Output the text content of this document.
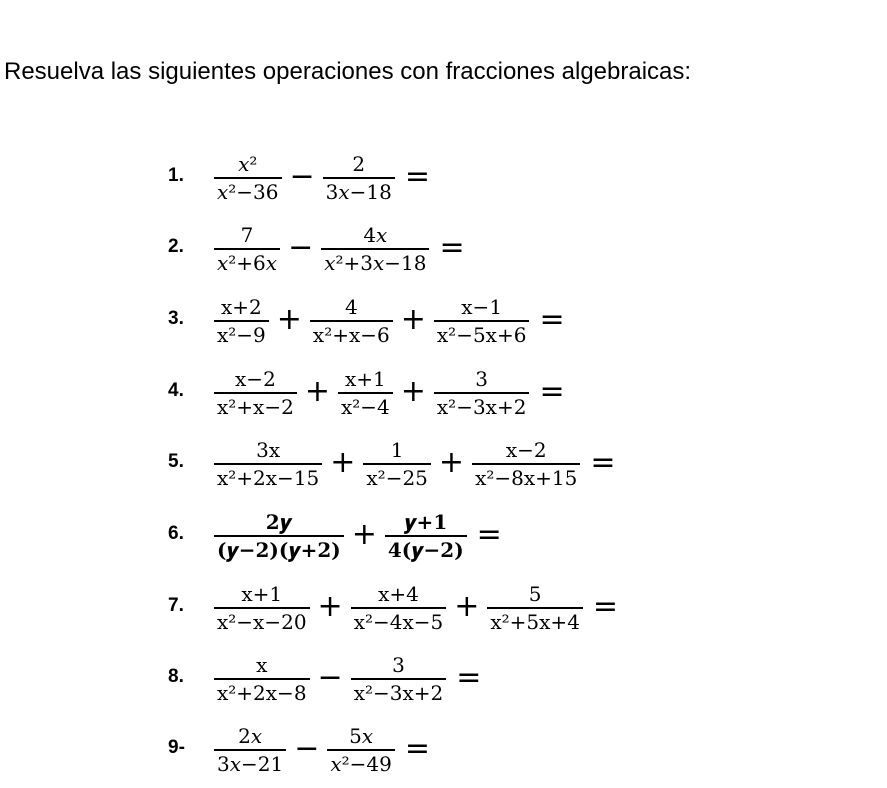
Resuelva las siguientes operaciones con fracciones algebraicas:
1. $\frac{\text{𝑥²}}{\text{𝑥²−36}} - \frac{2}{\text{3𝑥−18}}$ =
2. $\frac{7}{\text{𝑥²+6𝑥}} - \frac{\text{4𝑥}}{\text{𝑥²+3𝑥−18}}$ =
3. $\frac{x+2}{\text{x²−9}} + \frac{4}{\text{x²+x−6}} + \frac{x-1}{\text{x²−5x+6}}$ =
4. $\frac{x-2}{\text{x²+x−2}} + \frac{x+1}{\text{x²−4}} + \frac{3}{\text{x²−3x+2}}$ =
5. $\frac{3x}{\text{x²+2x−15}} + \frac{1}{\text{x²−25}} + \frac{x-2}{\text{x²−8x+15}}$ =
6. $\frac{\text{2𝒚}}{\text{(𝒚−2)(𝒚+2)}} + \frac{\text{𝒚+1}}{\text{4(𝒚−2)}}$ =
7. $\frac{x+1}{\text{x²−x−20}} + \frac{x+4}{\text{x²−4x−5}} + \frac{5}{\text{x²+5x+4}}$ =
8. $\frac{x}{\text{x²+2x−8}} - \frac{3}{\text{x²−3x+2}}$ =
$9- \frac{\text{2𝑥}}{\text{3𝑥−21}} - \frac{\text{5𝑥}}{\text{𝑥²−49}}$ =
